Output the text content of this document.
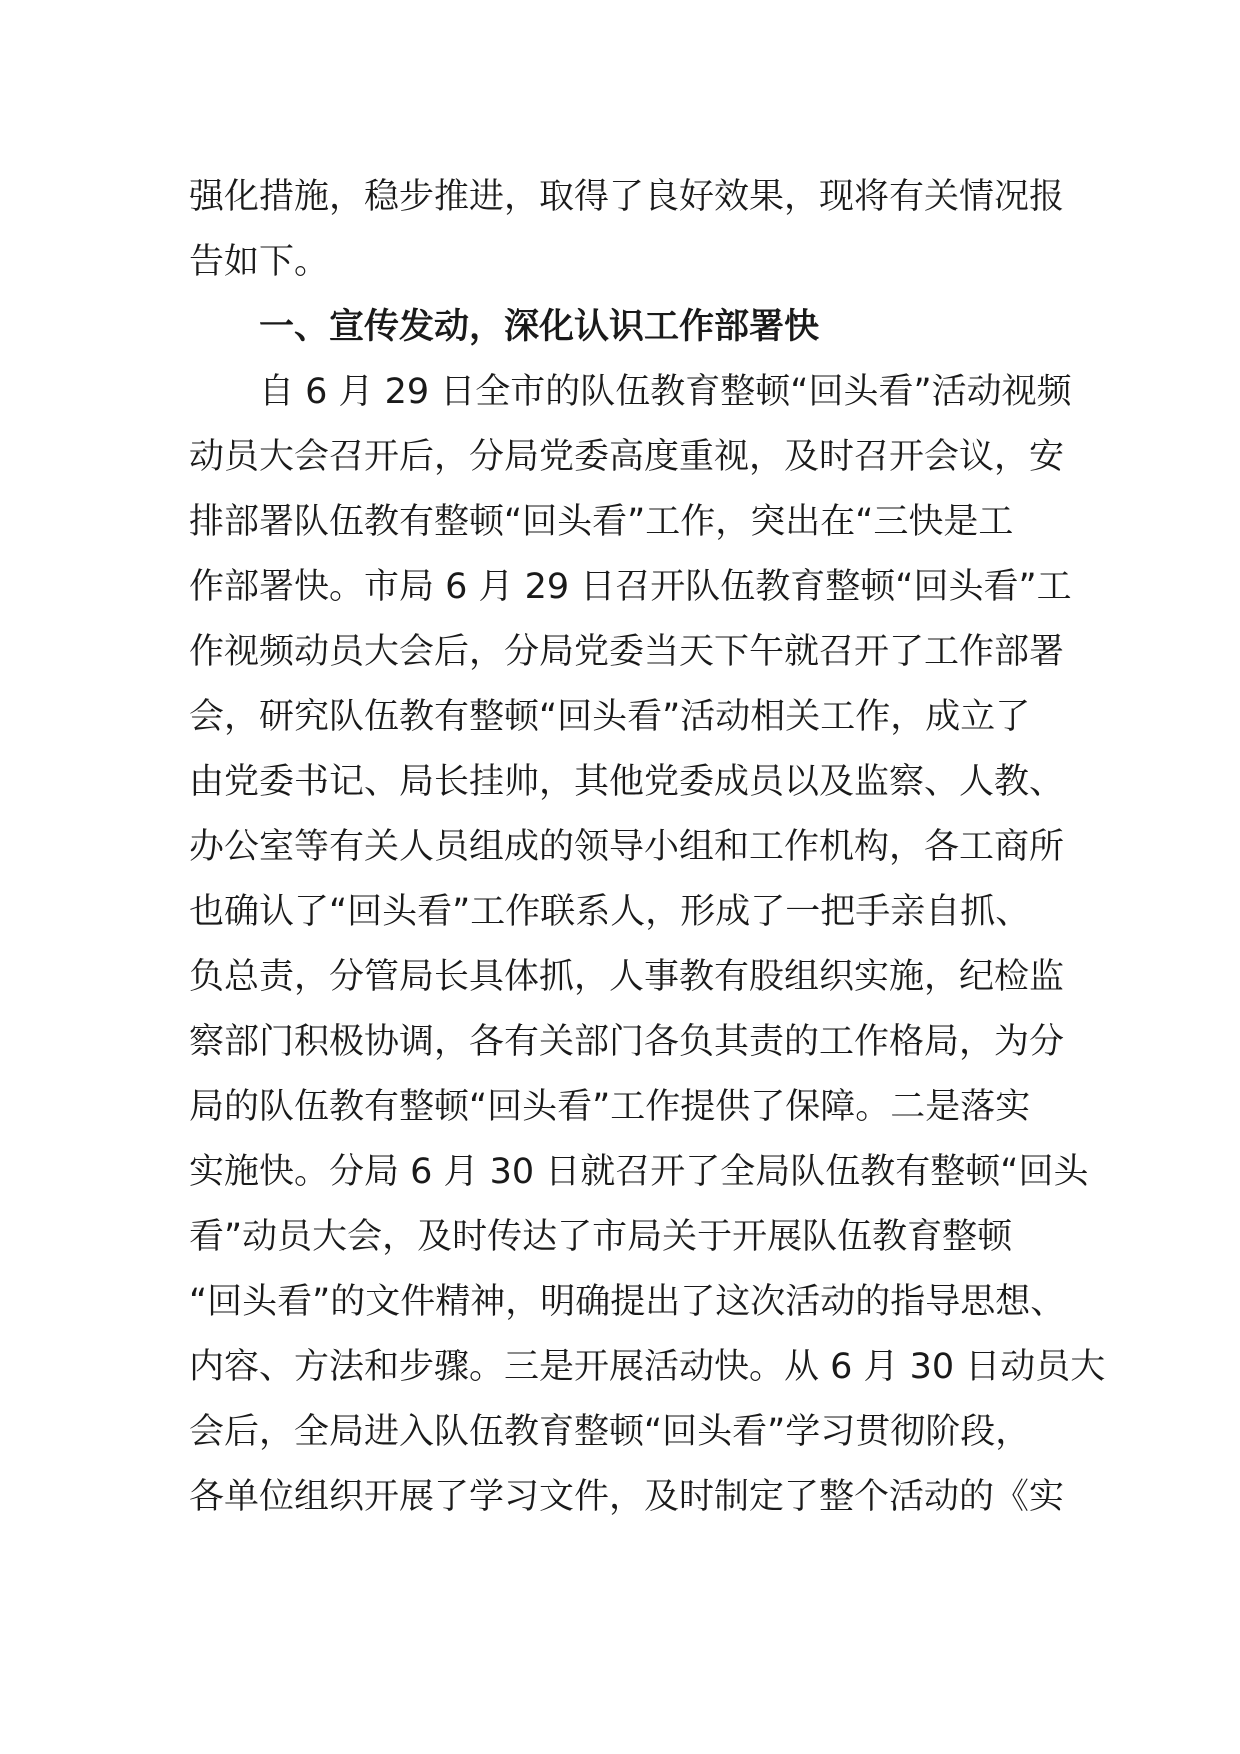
强化措施，稳步推进，取得了良好效果，现将有关情况报
告如下。
一、宣传发动，深化认识工作部署快
自 6 月 29 日全市的队伍教育整顿“回头看”活动视频
动员大会召开后，分局党委高度重视，及时召开会议，安
排部署队伍教有整顿“回头看”工作，突出在“三快是工
作部署快。市局 6 月 29 日召开队伍教育整顿“回头看”工
作视频动员大会后，分局党委当天下午就召开了工作部署
会，研究队伍教有整顿“回头看”活动相关工作，成立了
由党委书记、局长挂帅，其他党委成员以及监察、人教、
办公室等有关人员组成的领导小组和工作机构，各工商所
也确认了“回头看”工作联系人，形成了一把手亲自抓、
负总责，分管局长具体抓，人事教有股组织实施，纪检监
察部门积极协调，各有关部门各负其责的工作格局，为分
局的队伍教有整顿“回头看”工作提供了保障。二是落实
实施快。分局 6 月 30 日就召开了全局队伍教有整顿“回头
看”动员大会，及时传达了市局关于开展队伍教育整顿
“回头看”的文件精神，明确提出了这次活动的指导思想、
内容、方法和步骤。三是开展活动快。从 6 月 30 日动员大
会后，全局进入队伍教育整顿“回头看”学习贯彻阶段，
各单位组织开展了学习文件，及时制定了整个活动的《实
